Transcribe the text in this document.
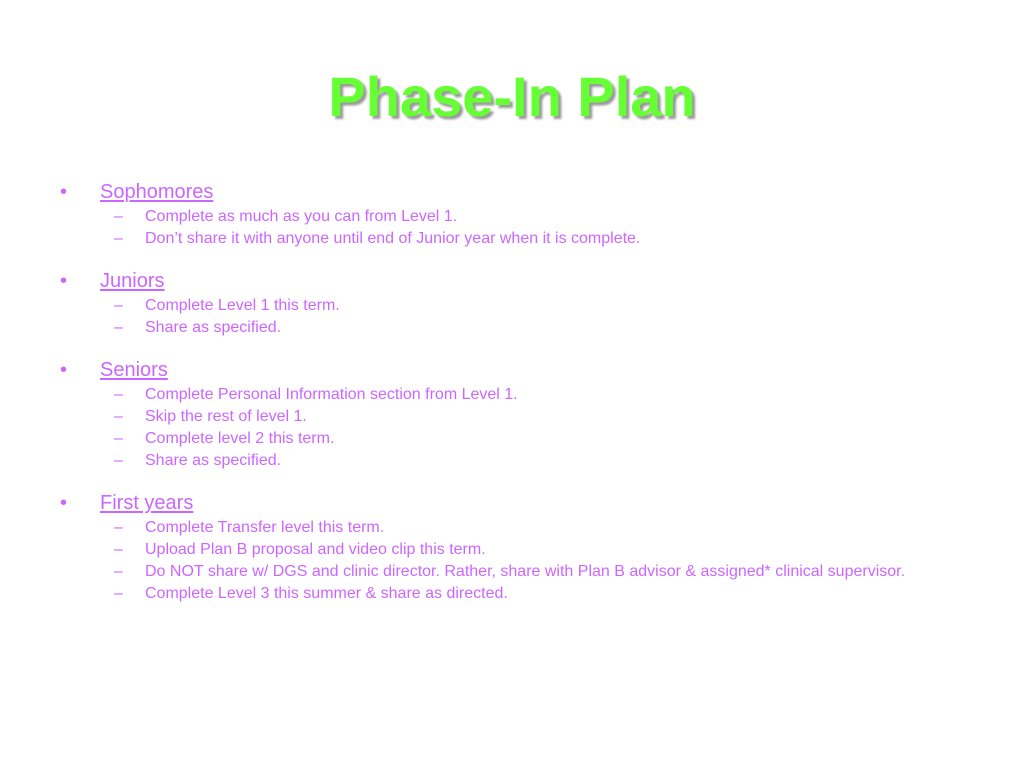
Phase-In Plan
• Sophomores
– Complete as much as you can from Level 1.
– Don’t share it with anyone until end of Junior year when it is complete.
• Juniors
– Complete Level 1 this term.
– Share as specified.
• Seniors
– Complete Personal Information section from Level 1.
– Skip the rest of level 1.
– Complete level 2 this term.
– Share as specified.
• First years
– Complete Transfer level this term.
– Upload Plan B proposal and video clip this term.
– Do NOT share w/ DGS and clinic director. Rather, share with Plan B advisor & assigned* clinical supervisor.
– Complete Level 3 this summer & share as directed.
